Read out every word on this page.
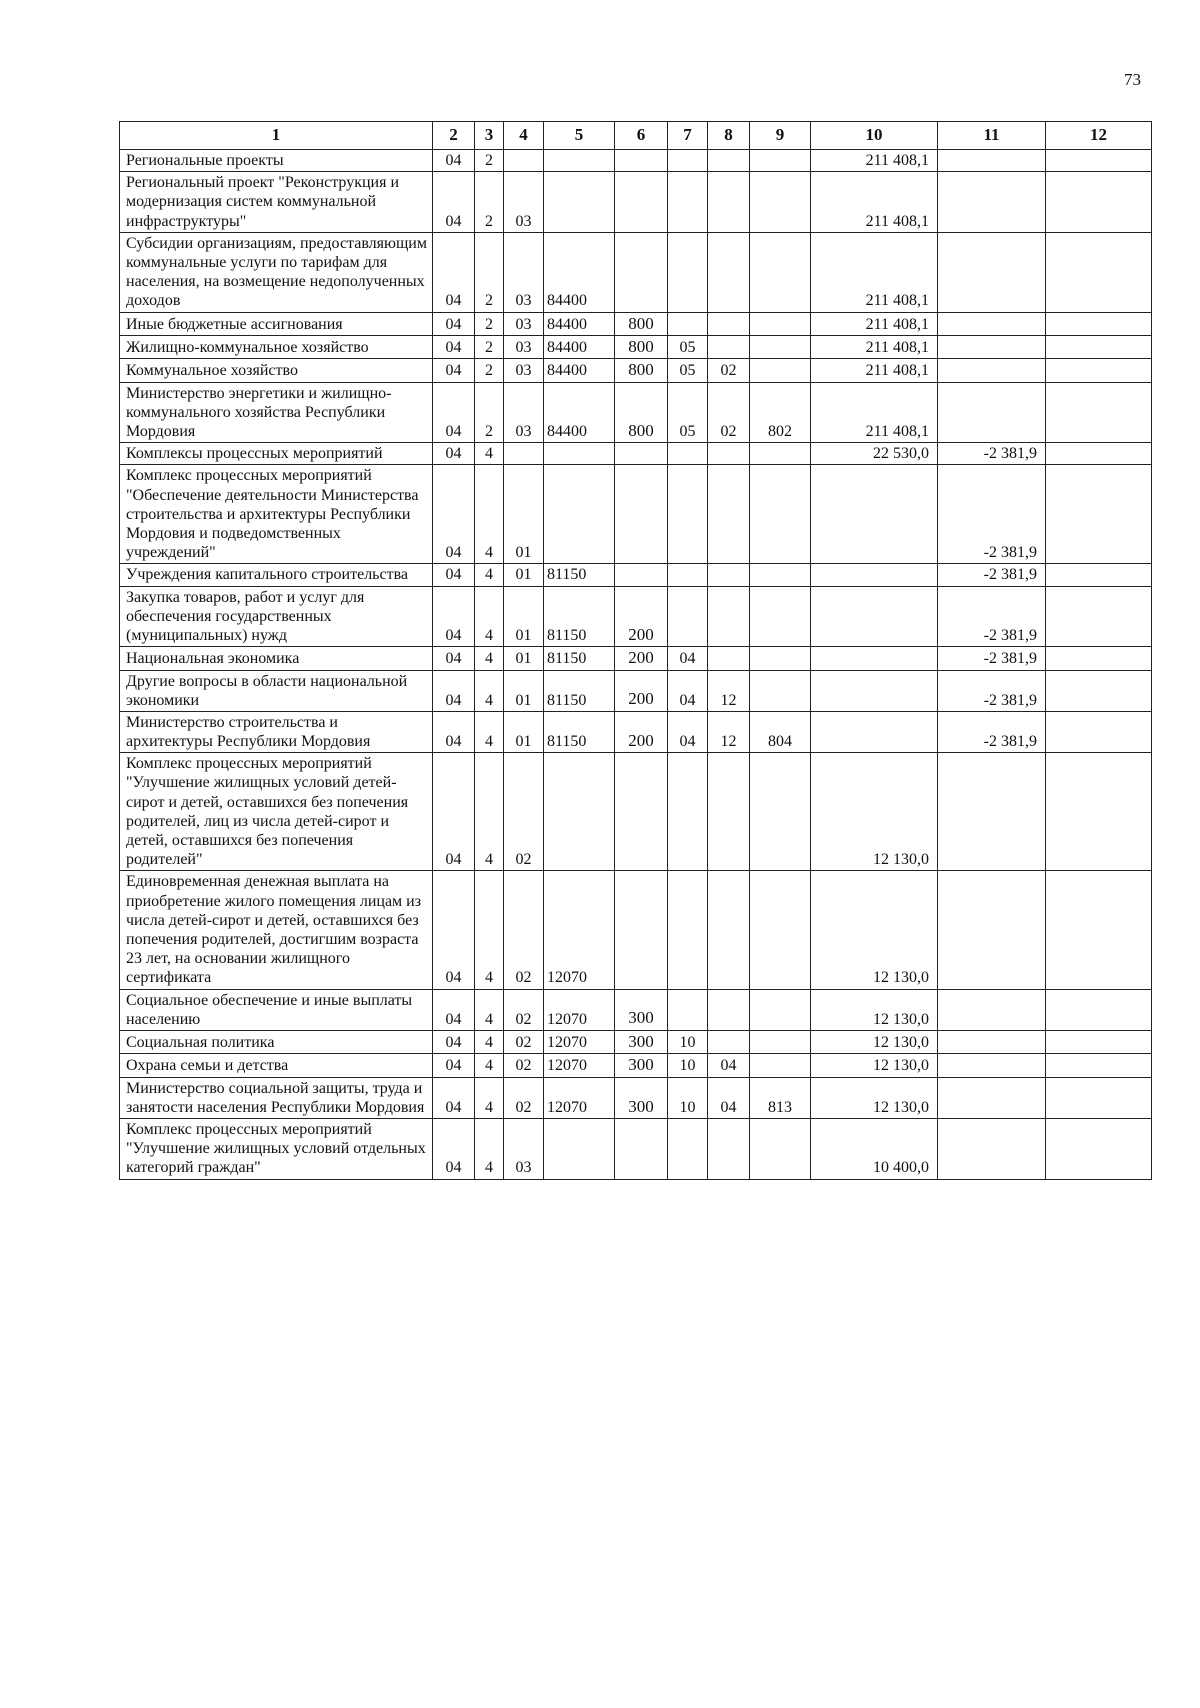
73
1	2	3	4	5	6	7	8	9	10	11	12
Региональные проекты	04	2							211 408,1		
Региональный проект "Реконструкция и модернизация систем коммунальной инфраструктуры"	04	2	03						211 408,1		
Субсидии организациям, предоставляющим коммунальные услуги по тарифам для населения, на возмещение недополученных доходов	04	2	03	84400					211 408,1		
Иные бюджетные ассигнования	04	2	03	84400	800				211 408,1		
Жилищно-коммунальное хозяйство	04	2	03	84400	800	05			211 408,1		
Коммунальное хозяйство	04	2	03	84400	800	05	02		211 408,1		
Министерство энергетики и жилищно-коммунального хозяйства Республики Мордовия	04	2	03	84400	800	05	02	802	211 408,1		
Комплексы процессных мероприятий	04	4							22 530,0	-2 381,9	
Комплекс процессных мероприятий "Обеспечение деятельности Министерства строительства и архитектуры Республики Мордовия и подведомственных учреждений"	04	4	01							-2 381,9	
Учреждения капитального строительства	04	4	01	81150						-2 381,9	
Закупка товаров, работ и услуг для обеспечения государственных (муниципальных) нужд	04	4	01	81150	200					-2 381,9	
Национальная экономика	04	4	01	81150	200	04				-2 381,9	
Другие вопросы в области национальной экономики	04	4	01	81150	200	04	12			-2 381,9	
Министерство строительства и архитектуры Республики Мордовия	04	4	01	81150	200	04	12	804		-2 381,9	
Комплекс процессных мероприятий "Улучшение жилищных условий детей-сирот и детей, оставшихся без попечения родителей, лиц из числа детей-сирот и детей, оставшихся без попечения родителей"	04	4	02						12 130,0		
Единовременная денежная выплата на приобретение жилого помещения лицам из числа детей-сирот и детей, оставшихся без попечения родителей, достигшим возраста 23 лет, на основании жилищного сертификата	04	4	02	12070					12 130,0		
Социальное обеспечение и иные выплаты населению	04	4	02	12070	300				12 130,0		
Социальная политика	04	4	02	12070	300	10			12 130,0		
Охрана семьи и детства	04	4	02	12070	300	10	04		12 130,0		
Министерство социальной защиты, труда и занятости населения Республики Мордовия	04	4	02	12070	300	10	04	813	12 130,0		
Комплекс процессных мероприятий "Улучшение жилищных условий отдельных категорий граждан"	04	4	03						10 400,0		
